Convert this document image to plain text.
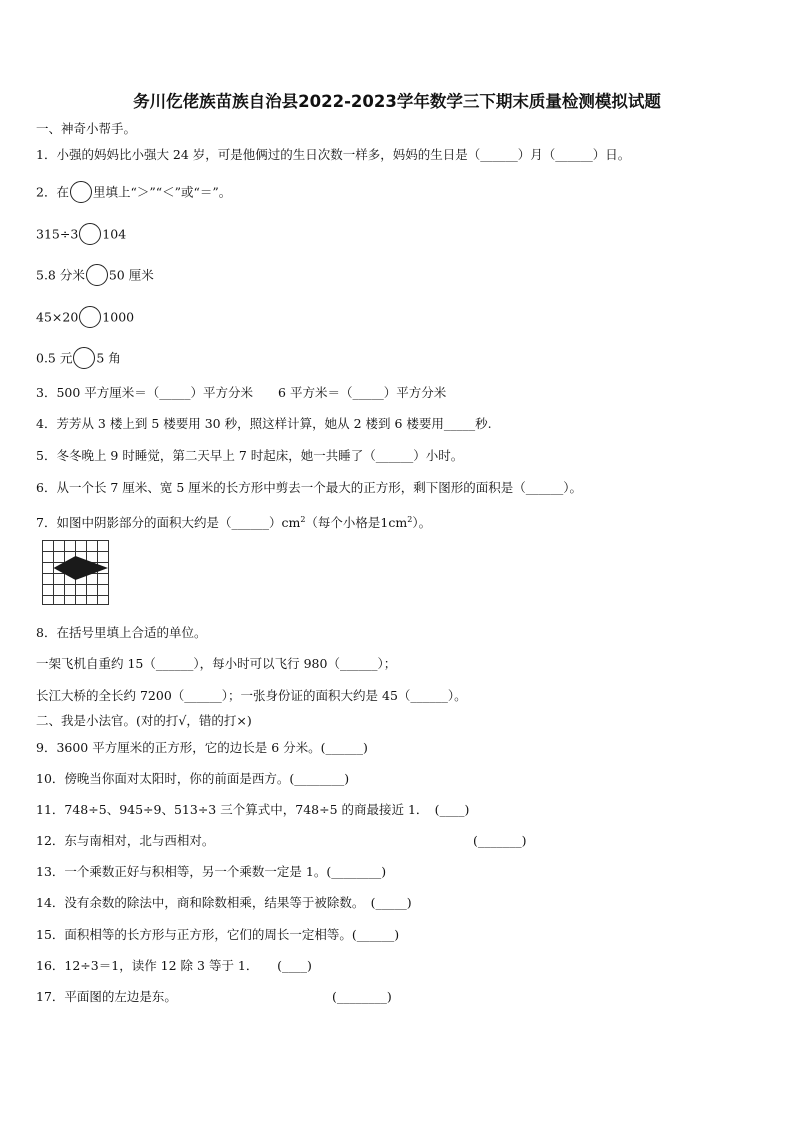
务川仡佬族苗族自治县2022-2023学年数学三下期末质量检测模拟试题
一、神奇小帮手。
1．小强的妈妈比小强大 24 岁，可是他俩过的生日次数一样多，妈妈的生日是（______）月（______）日。
2．在 里填上“＞”“＜”或“＝”。
315÷3 104
5.8 分米 50 厘米
45×20 1000
0.5 元 5 角
3．500 平方厘米＝（_____）平方分米　　6 平方米＝（_____）平方分米
4．芳芳从 3 楼上到 5 楼要用 30 秒，照这样计算，她从 2 楼到 6 楼要用_____秒.
5．冬冬晚上 9 时睡觉，第二天早上 7 时起床，她一共睡了（______）小时。
6．从一个长 7 厘米、宽 5 厘米的长方形中剪去一个最大的正方形，剩下图形的面积是（______）。
7．如图中阴影部分的面积大约是$(\_\_\_\_\_\_)cm^2$（每个小格是$1cm^2$）。
8．在括号里填上合适的单位。
一架飞机自重约 15（______），每小时可以飞行 980（______）；
长江大桥的全长约 7200（______）；一张身份证的面积大约是 45（______）。
二、我是小法官。(对的打√，错的打×)
9．3600 平方厘米的正方形，它的边长是 6 分米。(______)
10．傍晚当你面对太阳时，你的前面是西方。(________)
11．748÷5、945÷9、513÷3 三个算式中，748÷5 的商最接近 1．　(____)
12．东与南相对，北与西相对。	(_______)
13．一个乘数正好与积相等，另一个乘数一定是 1。(________)
14．没有余数的除法中，商和除数相乘，结果等于被除数。　(_____)
15．面积相等的长方形与正方形，它们的周长一定相等。(______)
16．12÷3＝1，读作 12 除 3 等于 1．　　(____)
17．平面图的左边是东。	(________)
